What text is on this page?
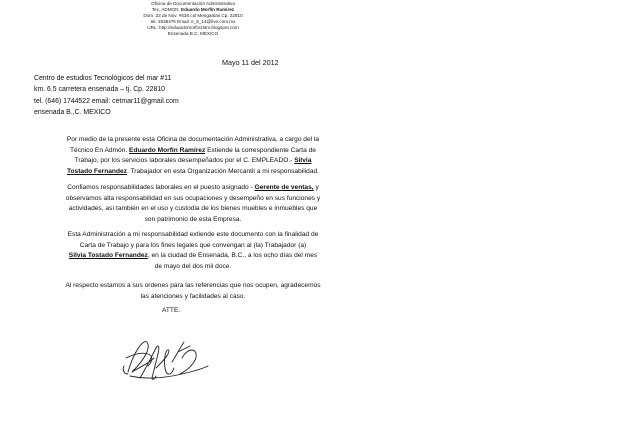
Oficina de Documentación Administrativa
Tec. ADMON. Eduardo Morfín Ramírez
Dom. 23 de Nov. #636 col Mengartias Cp. 22810
tel. 1838476 Email: e_8_14@live.com.mx
URL: http://eduardomorfin2stm.blogspot.com
Ensenada B.C. MEXICO
Mayo 11 del 2012
Centro de estudios Tecnológicos del mar #11
km. 6.5 carretera ensenada – tj. Cp. 22810
tel. (646) 1744522 email: cetmar11@gmail.com
ensenada B.,C. MEXICO
Por medio de la presente esta Oficina de documentación Administrativa, a cargo del la
Técnico En Admón. Eduardo Morfín Ramírez Extiende la correspondiente Carta de
Trabajo, por los servicios laborales desempeñados por el C. EMPLEADO.- Silvia
Tostado Fernandez. Trabajador en esta Organización Mercantil a mi responsabilidad.
Confiamos responsabilidades laborales en el puesto asignado - Gerente de ventas, y
observamos alta responsabilidad en sus ocupaciones y desempeño en sus funciones y
actividades, así también en el uso y custodia de los bienes muebles e inmuebles que
son patrimonio de esta Empresa.
Esta Administración a mi responsabilidad extiende este documento con la finalidad de
Carta de Trabajo y para los fines legales que convengan al (la) Trabajador (a)
Silvia Tostado Fernandez, en la ciudad de Ensenada, B.C., a los ocho días del mes
de mayo del dos mil doce.
Al respecto estamos a sus ordenes para las referencias que nos ocupen, agradecemos
las atenciones y facilidades al caso.
ATTE.
